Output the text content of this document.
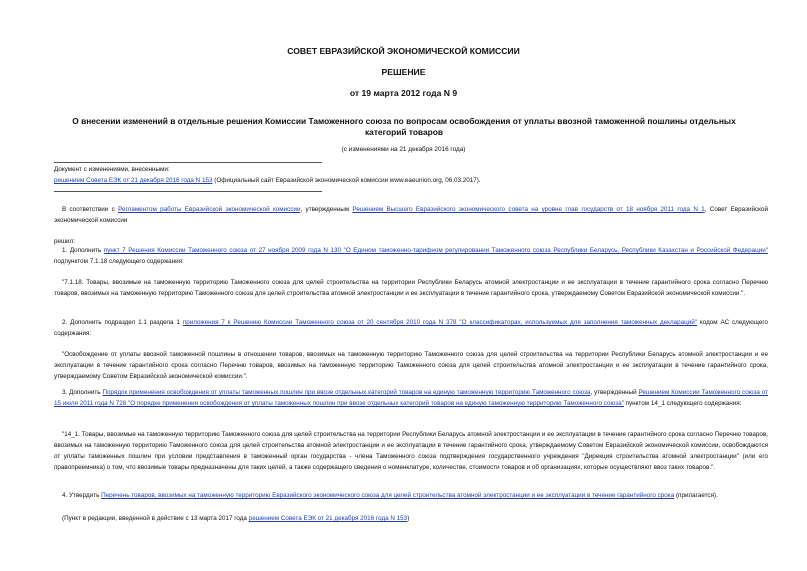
СОВЕТ ЕВРАЗИЙСКОЙ ЭКОНОМИЧЕСКОЙ КОМИССИИ
РЕШЕНИЕ
от 19 марта 2012 года N 9
О внесении изменений в отдельные решения Комиссии Таможенного союза по вопросам освобождения от уплаты ввозной таможенной пошлины отдельных категорий товаров
(с изменениями на 21 декабря 2016 года)
Документ с изменениями, внесенными:
решением Совета ЕЭК от 21 декабря 2016 года N 153 (Официальный сайт Евразийской экономической комиссии www.eaeunion.org, 06.03.2017).
В соответствии с Регламентом работы Евразийской экономической комиссии, утвержденным Решением Высшего Евразийского экономического совета на уровне глав государств от 18 ноября 2011 года N 1, Совет Евразийской экономической комиссии
решил:
1. Дополнить пункт 7 Решения Комиссии Таможенного союза от 27 ноября 2009 года N 130 "О Едином таможенно-тарифном регулировании Таможенного союза Республики Беларусь, Республики Казахстан и Российской Федерации" подпунктом 7.1.18 следующего содержания:
"7.1.18. Товары, ввозимые на таможенную территорию Таможенного союза для целей строительства на территории Республики Беларусь атомной электростанции и ее эксплуатации в течение гарантийного срока согласно Перечню товаров, ввозимых на таможенную территорию Таможенного союза для целей строительства атомной электростанции и ее эксплуатации в течение гарантийного срока, утверждаемому Советом Евразийской экономической комиссии.".
2. Дополнить подраздел 1.1 раздела 1 приложения 7 к Решению Комиссии Таможенного союза от 20 сентября 2010 года N 378 "О классификаторах, используемых для заполнения таможенных деклараций" кодом АС следующего содержания:
"Освобождение от уплаты ввозной таможенной пошлины в отношении товаров, ввозимых на таможенную территорию Таможенного союза для целей строительства на территории Республики Беларусь атомной электростанции и ее эксплуатации в течение гарантийного срока согласно Перечню товаров, ввозимых на таможенную территорию Таможенного союза для целей строительства атомной электростанции и ее эксплуатации в течение гарантийного срока, утверждаемому Советом Евразийской экономической комиссии.".
3. Дополнить Порядок применения освобождения от уплаты таможенных пошлин при ввозе отдельных категорий товаров на единую таможенную территорию Таможенного союза, утвержденный Решением Комиссии Таможенного союза от 15 июля 2011 года N 728 "О порядке применения освобождения от уплаты таможенных пошлин при ввозе отдельных категорий товаров на единую таможенную территорию Таможенного союза" пунктом 14_1 следующего содержания:
"14_1. Товары, ввозимые на таможенную территорию Таможенного союза для целей строительства на территории Республики Беларусь атомной электростанции и ее эксплуатации в течение гарантийного срока согласно Перечню товаров, ввозимых на таможенную территорию Таможенного союза для целей строительства атомной электростанции и ее эксплуатации в течение гарантийного срока, утверждаемому Советом Евразийской экономической комиссии, освобождаются от уплаты таможенных пошлин при условии представления в таможенный орган государства - члена Таможенного союза подтверждения государственного учреждения "Дирекция строительства атомной электростанции" (или его правопреемника) о том, что ввозимые товары предназначены для таких целей, а также содержащего сведения о номенклатуре, количестве, стоимости товаров и об организациях, которые осуществляют ввоз таких товаров.".
4. Утвердить Перечень товаров, ввозимых на таможенную территорию Евразийского экономического союза для целей строительства атомной электростанции и ее эксплуатации в течение гарантийного срока (прилагается).
(Пункт в редакции, введенной в действие с 13 марта 2017 года решением Совета ЕЭК от 21 декабря 2016 года N 153)
